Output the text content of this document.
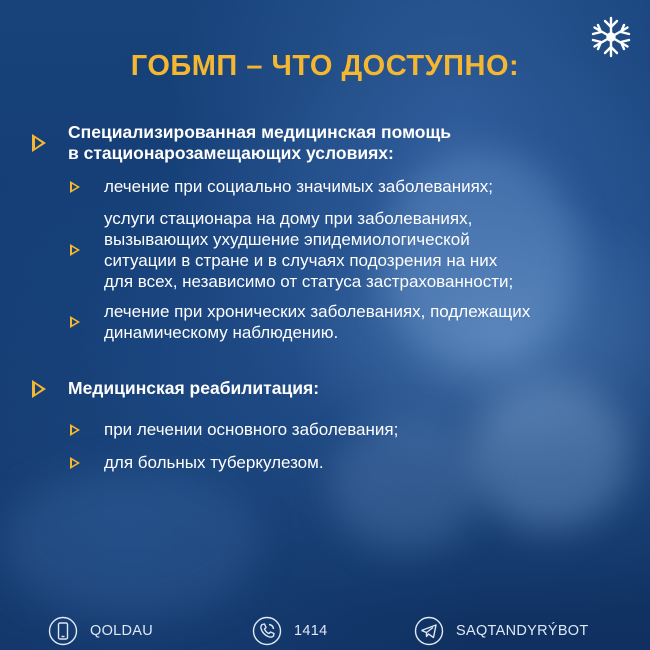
ГОБМП – ЧТО ДОСТУПНО:
Специализированная медицинская помощь
в стационарозамещающих условиях:
лечение при социально значимых заболеваниях;
услуги стационара на дому при заболеваниях,
вызывающих ухудшение эпидемиологической
ситуации в стране и в случаях подозрения на них
для всех, независимо от статуса застрахованности;
лечение при хронических заболеваниях, подлежащих
динамическому наблюдению.
Медицинская реабилитация:
при лечении основного заболевания;
для больных туберкулезом.
QOLDAU	1414	SAQTANDYRÝBOT
